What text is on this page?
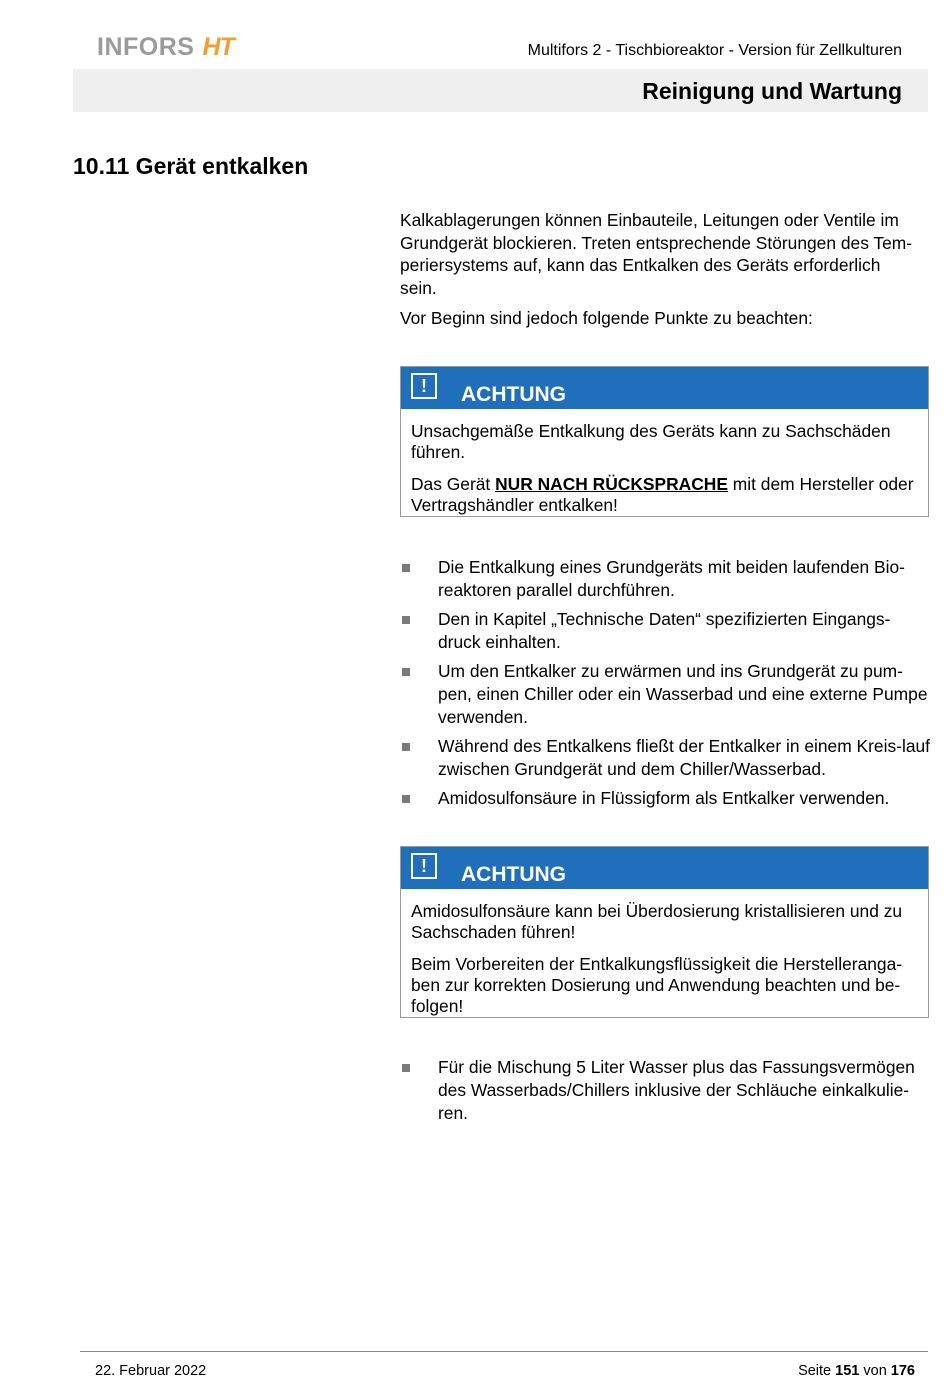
INFORS HT	Multifors 2 - Tischbioreaktor - Version für Zellkulturen
Reinigung und Wartung
10.11 Gerät entkalken

Kalkablagerungen können Einbauteile, Leitungen oder Ventile im
Grundgerät blockieren. Treten entsprechende Störungen des Tem-
periersystems auf, kann das Entkalken des Geräts erforderlich
sein.

Vor Beginn sind jedoch folgende Punkte zu beachten:

!	ACHTUNG

Unsachgemäße Entkalkung des Geräts kann zu Sachschäden führen.

Das Gerät NUR NACH RÜCKSPRACHE mit dem Hersteller oder Vertragshändler entkalken!

Die Entkalkung eines Grundgeräts mit beiden laufenden Bio-reaktoren parallel durchführen.
Den in Kapitel „Technische Daten“ spezifizierten Eingangs-druck einhalten.
Um den Entkalker zu erwärmen und ins Grundgerät zu pum-pen, einen Chiller oder ein Wasserbad und eine externe Pumpe verwenden.
Während des Entkalkens fließt der Entkalker in einem Kreis-lauf zwischen Grundgerät und dem Chiller/Wasserbad.
Amidosulfonsäure in Flüssigform als Entkalker verwenden.
!	ACHTUNG

Amidosulfonsäure kann bei Überdosierung kristallisieren und zu Sachschaden führen!

Beim Vorbereiten der Entkalkungsflüssigkeit die Herstelleranga-ben zur korrekten Dosierung und Anwendung beachten und be-folgen!

Für die Mischung 5 Liter Wasser plus das Fassungsvermögen des Wasserbads/Chillers inklusive der Schläuche einkalkulie-ren.
22. Februar 2022	Seite 151 von 176
